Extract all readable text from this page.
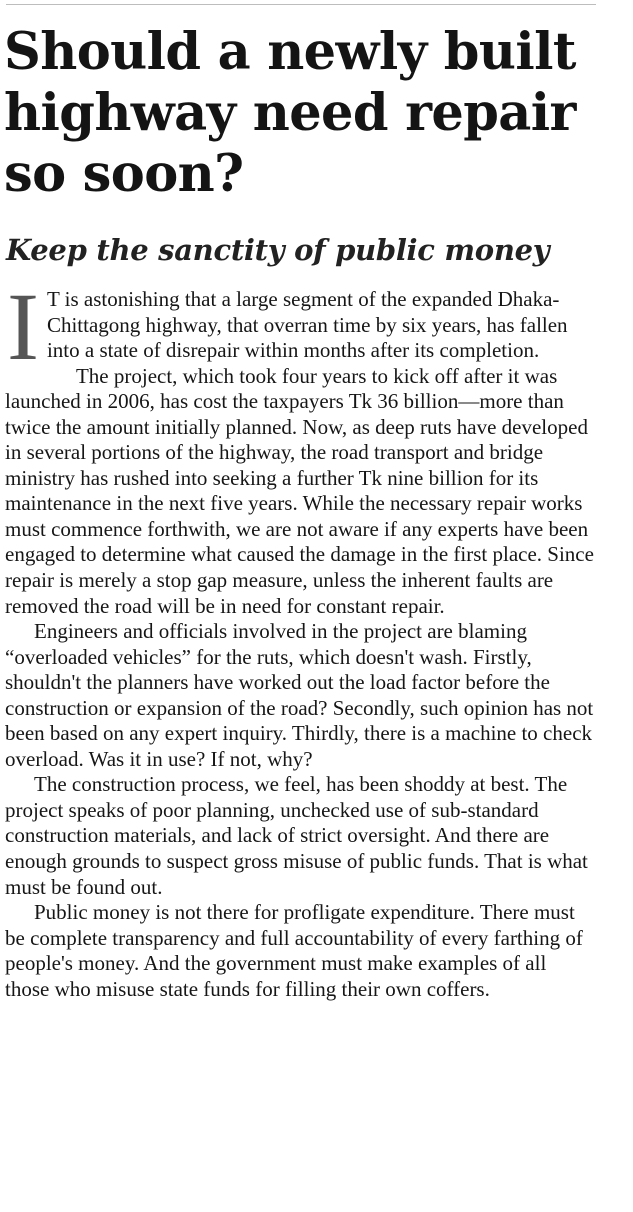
Should a newly built highway need repair so soon?
Keep the sanctity of public money

I T is astonishing that a large segment of the expanded Dhaka-Chittagong highway, that overran time by six years, has fallen into a state of disrepair within months after its completion.

The project, which took four years to kick off after it was launched in 2006, has cost the taxpayers Tk 36 billion—more than twice the amount initially planned. Now, as deep ruts have developed in several portions of the highway, the road transport and bridge ministry has rushed into seeking a further Tk nine billion for its maintenance in the next five years. While the necessary repair works must commence forthwith, we are not aware if any experts have been engaged to determine what caused the damage in the first place. Since repair is merely a stop gap measure, unless the inherent faults are removed the road will be in need for constant repair.

Engineers and officials involved in the project are blaming “overloaded vehicles” for the ruts, which doesn't wash. Firstly, shouldn't the planners have worked out the load factor before the construction or expansion of the road? Secondly, such opinion has not been based on any expert inquiry. Thirdly, there is a machine to check overload. Was it in use? If not, why?

The construction process, we feel, has been shoddy at best. The project speaks of poor planning, unchecked use of sub-standard construction materials, and lack of strict oversight. And there are enough grounds to suspect gross misuse of public funds. That is what must be found out.

Public money is not there for profligate expenditure. There must be complete transparency and full accountability of every farthing of people's money. And the government must make examples of all those who misuse state funds for filling their own coffers.
